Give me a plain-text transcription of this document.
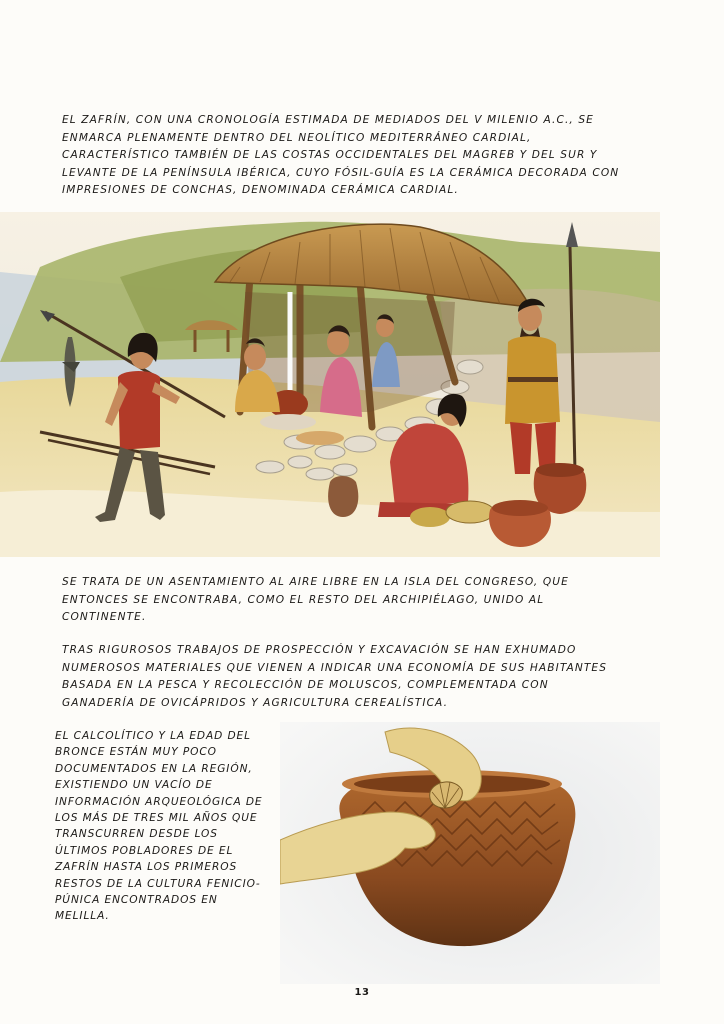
EL ZAFRÍN, CON UNA CRONOLOGÍA ESTIMADA DE MEDIADOS DEL V MILENIO A.C., SE ENMARCA PLENAMENTE DENTRO DEL NEOLÍTICO MEDITERRÁNEO CARDIAL, CARACTERÍSTICO TAMBIÉN DE LAS COSTAS OCCIDENTALES DEL MAGREB Y DEL SUR Y LEVANTE DE LA PENÍNSULA IBÉRICA, CUYO FÓSIL-GUÍA ES LA CERÁMICA DECORADA CON IMPRESIONES DE CONCHAS, DENOMINADA CERÁMICA CARDIAL.
SE TRATA DE UN ASENTAMIENTO AL AIRE LIBRE EN LA ISLA DEL CONGRESO, QUE ENTONCES SE ENCONTRABA, COMO EL RESTO DEL ARCHIPIÉLAGO, UNIDO AL CONTINENTE.
TRAS RIGUROSOS TRABAJOS DE PROSPECCIÓN Y EXCAVACIÓN SE HAN EXHUMADO NUMEROSOS MATERIALES QUE VIENEN A INDICAR UNA ECONOMÍA DE SUS HABITANTES BASADA EN LA PESCA Y RECOLECCIÓN DE MOLUSCOS, COMPLEMENTADA CON GANADERÍA DE OVICÁPRIDOS Y AGRICULTURA CEREALÍSTICA.
EL CALCOLÍTICO Y LA EDAD DEL BRONCE ESTÁN MUY POCO DOCUMENTADOS EN LA REGIÓN, EXISTIENDO UN VACÍO DE INFORMACIÓN ARQUEOLÓGICA DE LOS MÁS DE TRES MIL AÑOS QUE TRANSCURREN DESDE LOS ÚLTIMOS POBLADORES DE EL ZAFRÍN HASTA LOS PRIMEROS RESTOS DE LA CULTURA FENICIO-PÚNICA ENCONTRADOS EN MELILLA.
13
